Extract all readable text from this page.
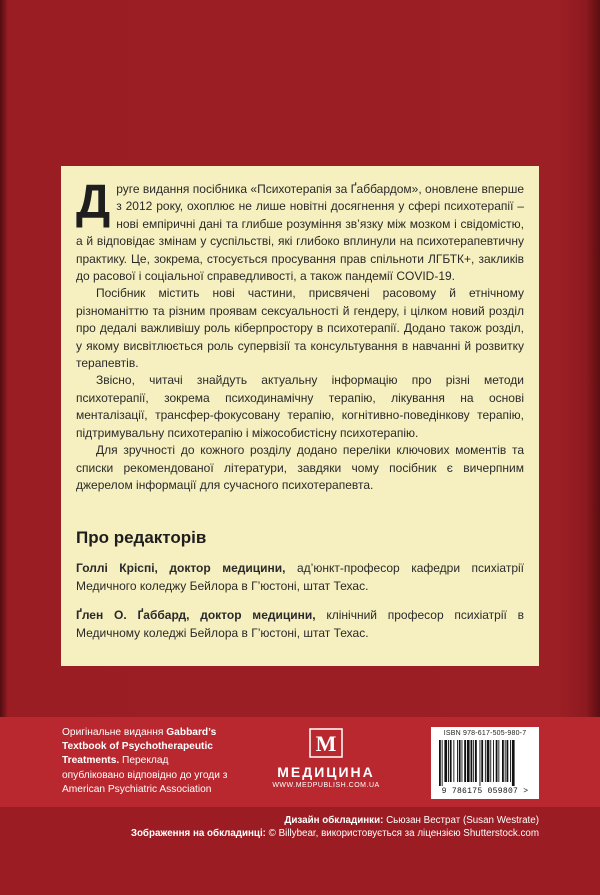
Друге видання посібника «Психотерапія за Ґаббардом», оновлене вперше з 2012 року, охоплює не лише новітні досягнення у сфері психотерапії – нові емпіричні дані та глибше розуміння зв’язку між мозком і свідомістю, а й відповідає змінам у суспільстві, які глибоко вплинули на психотерапевтичну практику. Це, зокрема, стосується просування прав спільноти ЛГБТК+, закликів до расової і соціальної справедливості, а також пандемії COVID-19.

Посібник містить нові частини, присвячені расовому й етнічному різноманіттю та різним проявам сексуальності й гендеру, і цілком новий розділ про дедалі важливішу роль кіберпростору в психотерапії. Додано також розділ, у якому висвітлюється роль супервізії та консультування в навчанні й розвитку терапевтів.

Звісно, читачі знайдуть актуальну інформацію про різні методи психотерапії, зокрема психодинамічну терапію, лікування на основі менталізації, трансфер-фокусовану терапію, когнітивно-поведінкову терапію, підтримувальну психотерапію і міжособистісну психотерапію.

Для зручності до кожного розділу додано переліки ключових моментів та списки рекомендованої літератури, завдяки чому посібник є вичерпним джерелом інформації для сучасного психотерапевта.

Про редакторів
Голлі Кріспі, доктор медицини, ад’юнкт-професор кафедри психіатрії Медичного коледжу Бейлора в Г’юстоні, штат Техас.
Ґлен О. Ґаббард, доктор медицини, клінічний професор психіатрії в Медичному коледжі Бейлора в Г’юстоні, штат Техас.
Оригінальне видання Gabbard’s Textbook of Psychotherapeutic Treatments. Переклад опубліковано відповідно до угоди з American Psychiatric Association
M
МЕДИЦИНА
WWW.MEDPUBLISH.COM.UA
ISBN 978-617-505-980-7
9 786175 059807 >
Дизайн обкладинки: Сьюзан Вестрат (Susan Westrate)
Зображення на обкладинці: © Billybear, використовується за ліцензією Shutterstock.com
